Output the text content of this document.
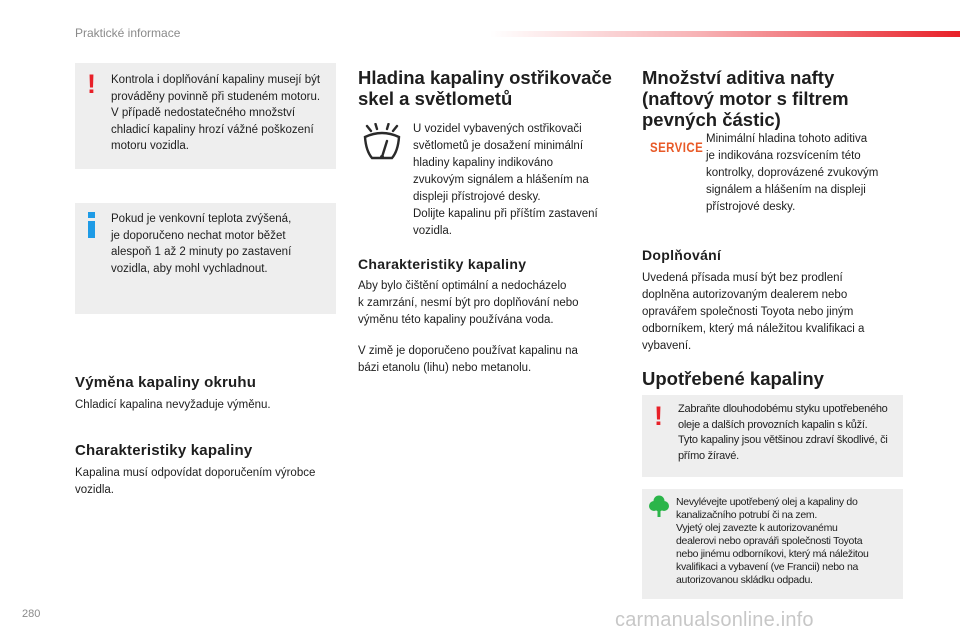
Praktické informace
! Kontrola i doplňování kapaliny musejí být
prováděny povinně při studeném motoru.
V případě nedostatečného množství
chladicí kapaliny hrozí vážné poškození
motoru vozidla.
Pokud je venkovní teplota zvýšená,
je doporučeno nechat motor běžet
alespoň 1 až 2 minuty po zastavení
vozidla, aby mohl vychladnout.
Výměna kapaliny okruhu
Chladicí kapalina nevyžaduje výměnu.
Charakteristiky kapaliny
Kapalina musí odpovídat doporučením výrobce
vozidla.
Hladina kapaliny ostřikovače
skel a světlometů
U vozidel vybavených ostřikovači
světlometů je dosažení minimální
hladiny kapaliny indikováno
zvukovým signálem a hlášením na
displeji přístrojové desky.
Dolijte kapalinu při příštím zastavení
vozidla.
Charakteristiky kapaliny
Aby bylo čištění optimální a nedocházelo
k zamrzání, nesmí být pro doplňování nebo
výměnu této kapaliny používána voda.
V zimě je doporučeno používat kapalinu na
bázi etanolu (lihu) nebo metanolu.
Množství aditiva nafty
(naftový motor s filtrem
pevných částic)
SERVICE
Minimální hladina tohoto aditiva
je indikována rozsvícením této
kontrolky, doprovázené zvukovým
signálem a hlášením na displeji
přístrojové desky.
Doplňování
Uvedená přísada musí být bez prodlení
doplněna autorizovaným dealerem nebo
opravářem společnosti Toyota nebo jiným
odborníkem, který má náležitou kvalifikaci a
vybavení.
Upotřebené kapaliny
! Zabraňte dlouhodobému styku upotřebeného
oleje a dalších provozních kapalin s kůží.
Tyto kapaliny jsou většinou zdraví škodlivé, či
přímo žíravé.
Nevylévejte upotřebený olej a kapaliny do
kanalizačního potrubí či na zem.
Vyjetý olej zavezte k autorizovanému
dealerovi nebo opraváři společnosti Toyota
nebo jinému odborníkovi, který má náležitou
kvalifikaci a vybavení (ve Francii) nebo na
autorizovanou skládku odpadu.
280	carmanualsonline.info
